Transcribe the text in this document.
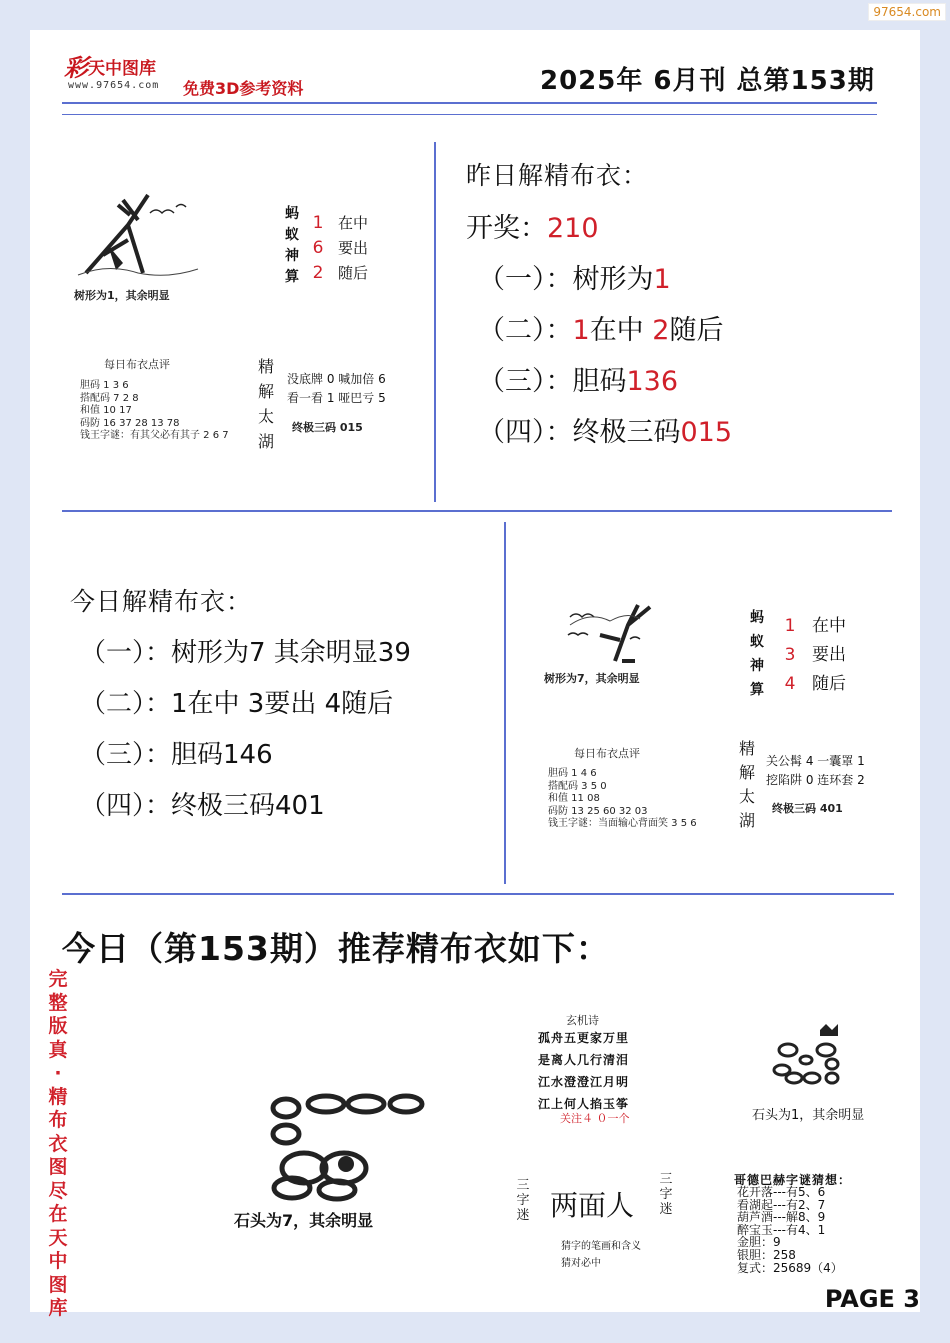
97654.com
彩 天中图库
www.97654.com 免费3D参考资料	2025年 6月刊 总第153期
树形为1，其余明显
蚂
蚁
神
算
1
6
2
在中
要出
随后
每日布衣点评
胆码 1 3 6
搭配码 7 2 8
和值 10 17
码防 16 37 28 13 78
钱王字谜：有其父必有其子 2 6 7
精
解
太
湖
没底牌 0 喊加倍 6
看一看 1 哑巴亏 5
终极三码 015
昨日解精布衣：
开奖：210
（一）：树形为1
（二）：1在中 2随后
（三）：胆码136
（四）：终极三码015
今日解精布衣：
（一）：树形为7 其余明显39
（二）：1在中 3要出 4随后
（三）：胆码146
（四）：终极三码401
树形为7，其余明显
蚂
蚁
神
算
1
3
4
在中
要出
随后
每日布衣点评
胆码 1 4 6
搭配码 3 5 0
和值 11 08
码防 13 25 60 32 03
钱王字谜：当面输心背面笑 3 5 6
精
解
太
湖
关公髯 4 一囊罩 1
挖陷阱 0 连环套 2
终极三码 401
今日（第153期）推荐精布衣如下：
完
整
版
真
·
精
布
衣
图
尽
在
天
中
图
库
石头为7，其余明显
玄机诗
孤舟五更家万里
是离人几行清泪
江水澄澄江月明
江上何人掐玉筝
关注４ ０一个	石头为1，其余明显
三
字
迷 两面人
三
字
迷
猜字的笔画和含义
猜对必中
哥德巴赫字谜猜想：
花开落---有5、6
看湖起---有2、7
葫芦酒---解8、9
醉宝玉---有4、1
金胆：9
银胆：258
复式：25689（4）
PAGE 3
